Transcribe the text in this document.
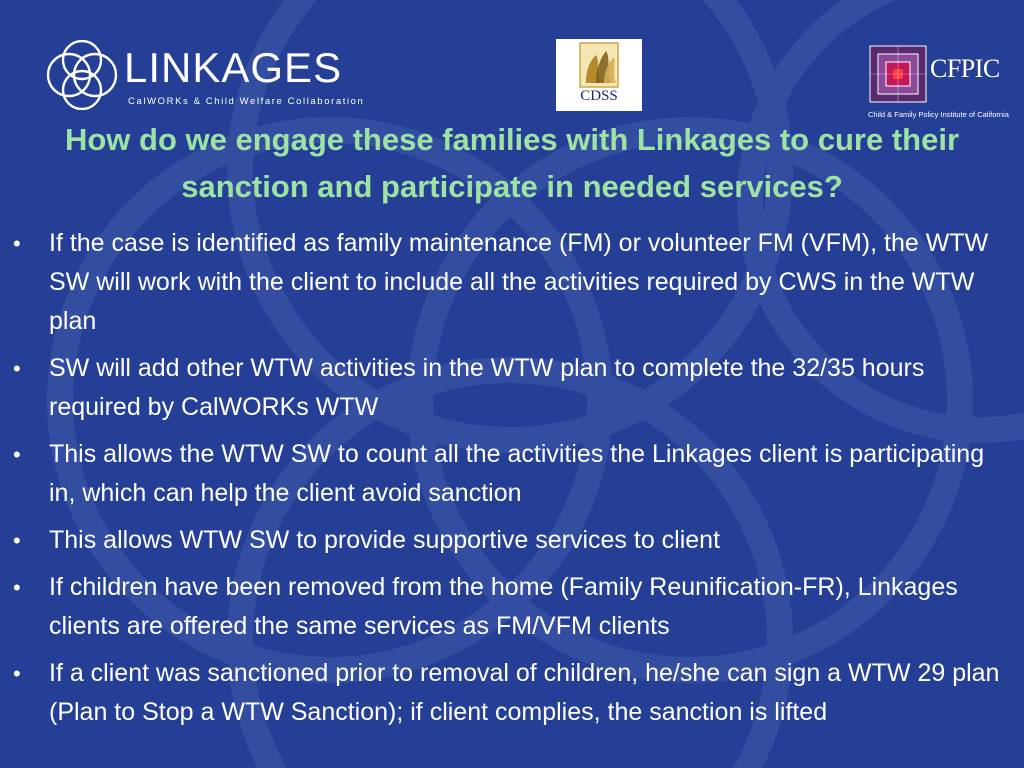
LINKAGES
CalWORKs & Child Welfare Collaboration	CDSS
CFPIC
Child & Family Policy Institute of California
How do we engage these families with Linkages to cure their sanction and participate in needed services?
• If the case is identified as family maintenance (FM) or volunteer FM (VFM), the WTW SW will work with the client to include all the activities required by CWS in the WTW plan
• SW will add other WTW activities in the WTW plan to complete the 32/35 hours required by CalWORKs WTW
• This allows the WTW SW to count all the activities the Linkages client is participating in, which can help the client avoid sanction
• This allows WTW SW to provide supportive services to client
• If children have been removed from the home (Family Reunification-FR), Linkages clients are offered the same services as FM/VFM clients
• If a client was sanctioned prior to removal of children, he/she can sign a WTW 29 plan (Plan to Stop a WTW Sanction); if client complies, the sanction is lifted
